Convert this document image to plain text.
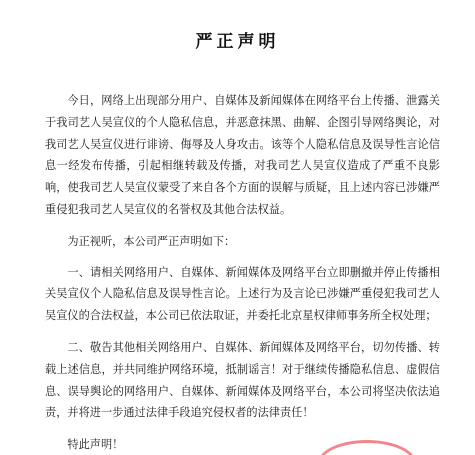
严正声明

今日，网络上出现部分用户、自媒体及新闻媒体在网络平台上传播、泄露关于我司艺人吴宣仪的个人隐私信息，并恶意抹黑、曲解、企图引导网络舆论，对我司艺人吴宣仪进行诽谤、侮辱及人身攻击。该等个人隐私信息及误导性言论信息一经发布传播，引起相继转载及传播，对我司艺人吴宣仪造成了严重不良影响，使我司艺人吴宣仪蒙受了来自各个方面的误解与质疑，且上述内容已涉嫌严重侵犯我司艺人吴宣仪的名誉权及其他合法权益。

为正视听，本公司严正声明如下：

一、请相关网络用户、自媒体、新闻媒体及网络平台立即删撤并停止传播相关吴宣仪个人隐私信息及误导性言论。上述行为及言论已涉嫌严重侵犯我司艺人吴宣仪的合法权益，本公司已依法取证，并委托北京星权律师事务所全权处理；

二、敬告其他相关网络用户、自媒体、新闻媒体及网络平台，切勿传播、转载上述信息，并共同维护网络环境，抵制谣言！对于继续传播隐私信息、虚假信息、误导舆论的网络用户、自媒体、新闻媒体及网络平台，本公司将坚决依法追责，并将进一步通过法律手段追究侵权者的法律责任！

特此声明！
